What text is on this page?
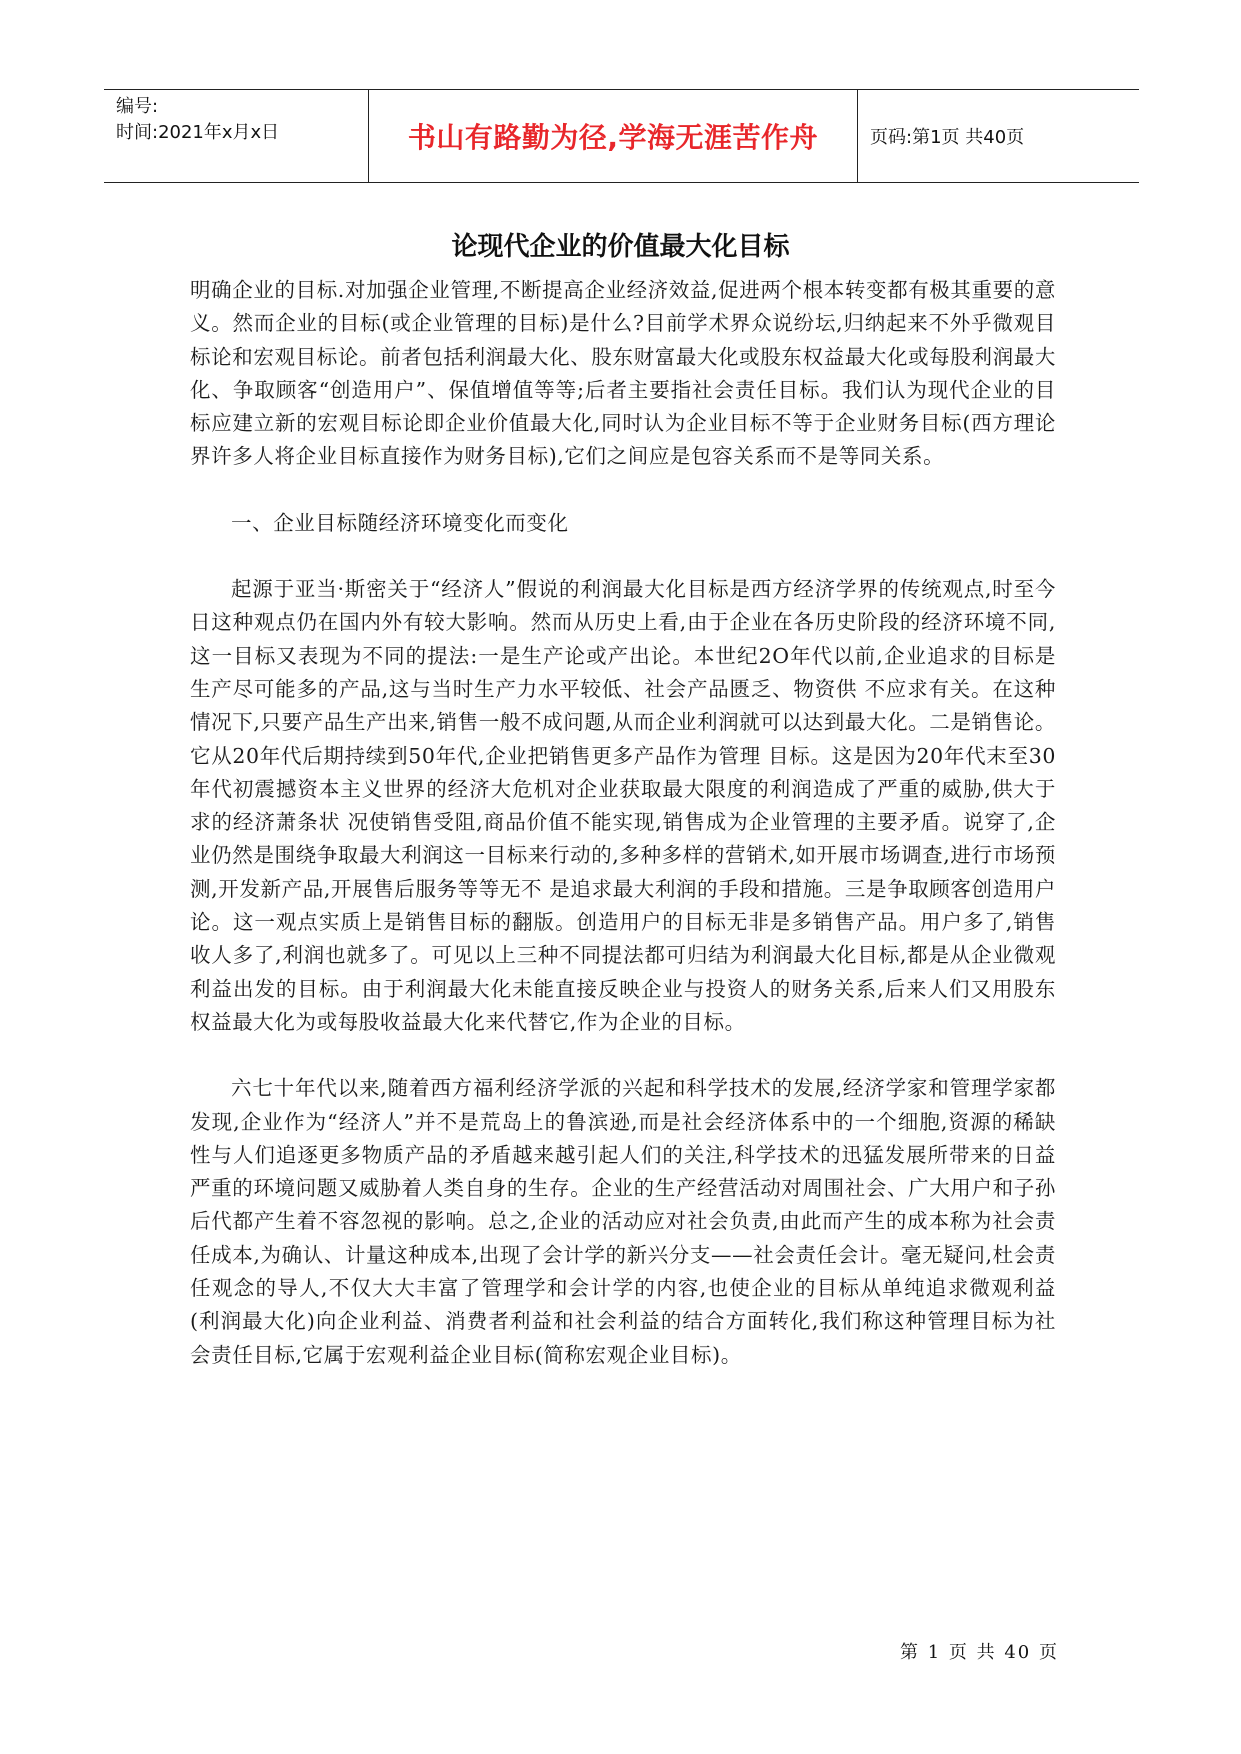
编号:
时间:2021年x月x日	书山有路勤为径,学海无涯苦作舟	页码:第1页 共40页
论现代企业的价值最大化目标

明确企业的目标.对加强企业管理,不断提高企业经济效益,促进两个根本转变都有极其重要的意义。然而企业的目标(或企业管理的目标)是什么?目前学术界众说纷坛,归纳起来不外乎微观目标论和宏观目标论。前者包括利润最大化、股东财富最大化或股东权益最大化或每股利润最大化、争取顾客“创造用户”、保值增值等等;后者主要指社会责任目标。我们认为现代企业的目标应建立新的宏观目标论即企业价值最大化,同时认为企业目标不等于企业财务目标(西方理论界许多人将企业目标直接作为财务目标),它们之间应是包容关系而不是等同关系。

一、企业目标随经济环境变化而变化

起源于亚当·斯密关于“经济人”假说的利润最大化目标是西方经济学界的传统观点,时至今日这种观点仍在国内外有较大影响。然而从历史上看,由于企业在各历史阶段的经济环境不同,这一目标又表现为不同的提法:一是生产论或产出论。本世纪2O年代以前,企业追求的目标是生产尽可能多的产品,这与当时生产力水平较低、社会产品匮乏、物资供 不应求有关。在这种情况下,只要产品生产出来,销售一般不成问题,从而企业利润就可以达到最大化。二是销售论。它从20年代后期持续到50年代,企业把销售更多产品作为管理 目标。这是因为20年代末至30年代初震撼资本主义世界的经济大危机对企业获取最大限度的利润造成了严重的威胁,供大于求的经济萧条状 况使销售受阻,商品价值不能实现,销售成为企业管理的主要矛盾。说穿了,企业仍然是围绕争取最大利润这一目标来行动的,多种多样的营销术,如开展市场调查,进行市场预测,开发新产品,开展售后服务等等无不 是追求最大利润的手段和措施。三是争取顾客创造用户论。这一观点实质上是销售目标的翻版。创造用户的目标无非是多销售产品。用户多了,销售收人多了,利润也就多了。可见以上三种不同提法都可归结为利润最大化目标,都是从企业微观利益出发的目标。由于利润最大化未能直接反映企业与投资人的财务关系,后来人们又用股东权益最大化为或每股收益最大化来代替它,作为企业的目标。

六七十年代以来,随着西方福利经济学派的兴起和科学技术的发展,经济学家和管理学家都发现,企业作为“经济人”并不是荒岛上的鲁滨逊,而是社会经济体系中的一个细胞,资源的稀缺性与人们追逐更多物质产品的矛盾越来越引起人们的关注,科学技术的迅猛发展所带来的日益严重的环境问题又威胁着人类自身的生存。企业的生产经营活动对周围社会、广大用户和子孙后代都产生着不容忽视的影响。总之,企业的活动应对社会负责,由此而产生的成本称为社会责任成本,为确认、计量这种成本,出现了会计学的新兴分支——社会责任会计。毫无疑问,杜会责任观念的导人,不仅大大丰富了管理学和会计学的内容,也使企业的目标从单纯追求微观利益(利润最大化)向企业利益、消费者利益和社会利益的结合方面转化,我们称这种管理目标为社会责任目标,它属于宏观利益企业目标(简称宏观企业目标)。

第 1 页 共 40 页
